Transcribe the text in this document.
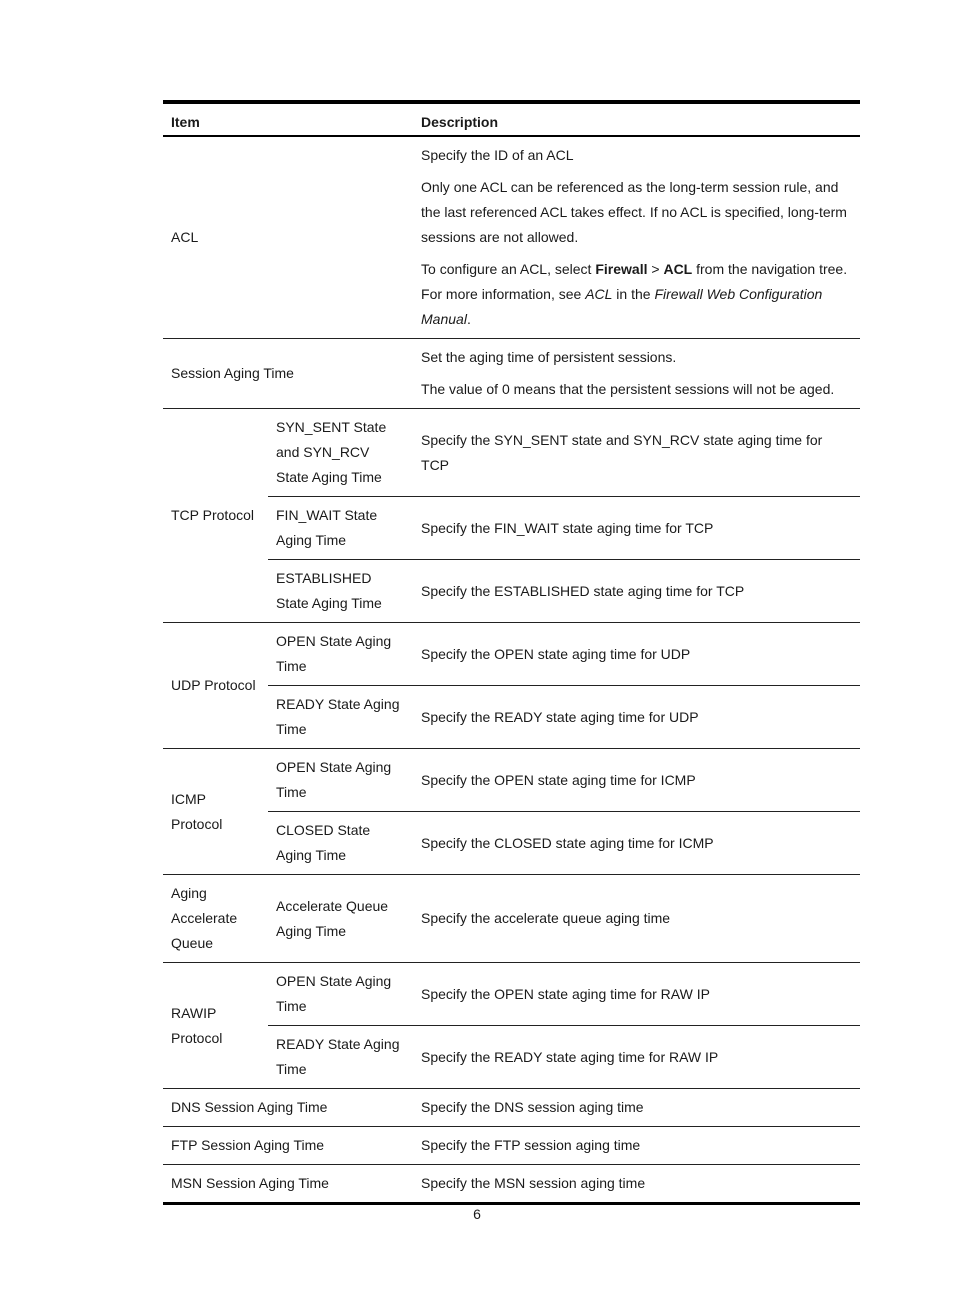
Item		Description
ACL		Specify the ID of an ACL

Only one ACL can be referenced as the long-term session rule, and the last referenced ACL takes effect. If no ACL is specified, long-term sessions are not allowed.

To configure an ACL, select Firewall > ACL from the navigation tree. For more information, see ACL in the Firewall Web Configuration Manual.

Session Aging Time		Set the aging time of persistent sessions.

The value of 0 means that the persistent sessions will not be aged.

TCP Protocol	SYN_SENT State and SYN_RCV State Aging Time	Specify the SYN_SENT state and SYN_RCV state aging time for TCP
	FIN_WAIT State Aging Time	Specify the FIN_WAIT state aging time for TCP
	ESTABLISHED State Aging Time	Specify the ESTABLISHED state aging time for TCP
UDP Protocol	OPEN State Aging Time	Specify the OPEN state aging time for UDP
	READY State Aging Time	Specify the READY state aging time for UDP
ICMP Protocol	OPEN State Aging Time	Specify the OPEN state aging time for ICMP
	CLOSED State Aging Time	Specify the CLOSED state aging time for ICMP
Aging Accelerate Queue	Accelerate Queue Aging Time	Specify the accelerate queue aging time
RAWIP Protocol	OPEN State Aging Time	Specify the OPEN state aging time for RAW IP
	READY State Aging Time	Specify the READY state aging time for RAW IP
DNS Session Aging Time		Specify the DNS session aging time
FTP Session Aging Time		Specify the FTP session aging time
MSN Session Aging Time		Specify the MSN session aging time
6
